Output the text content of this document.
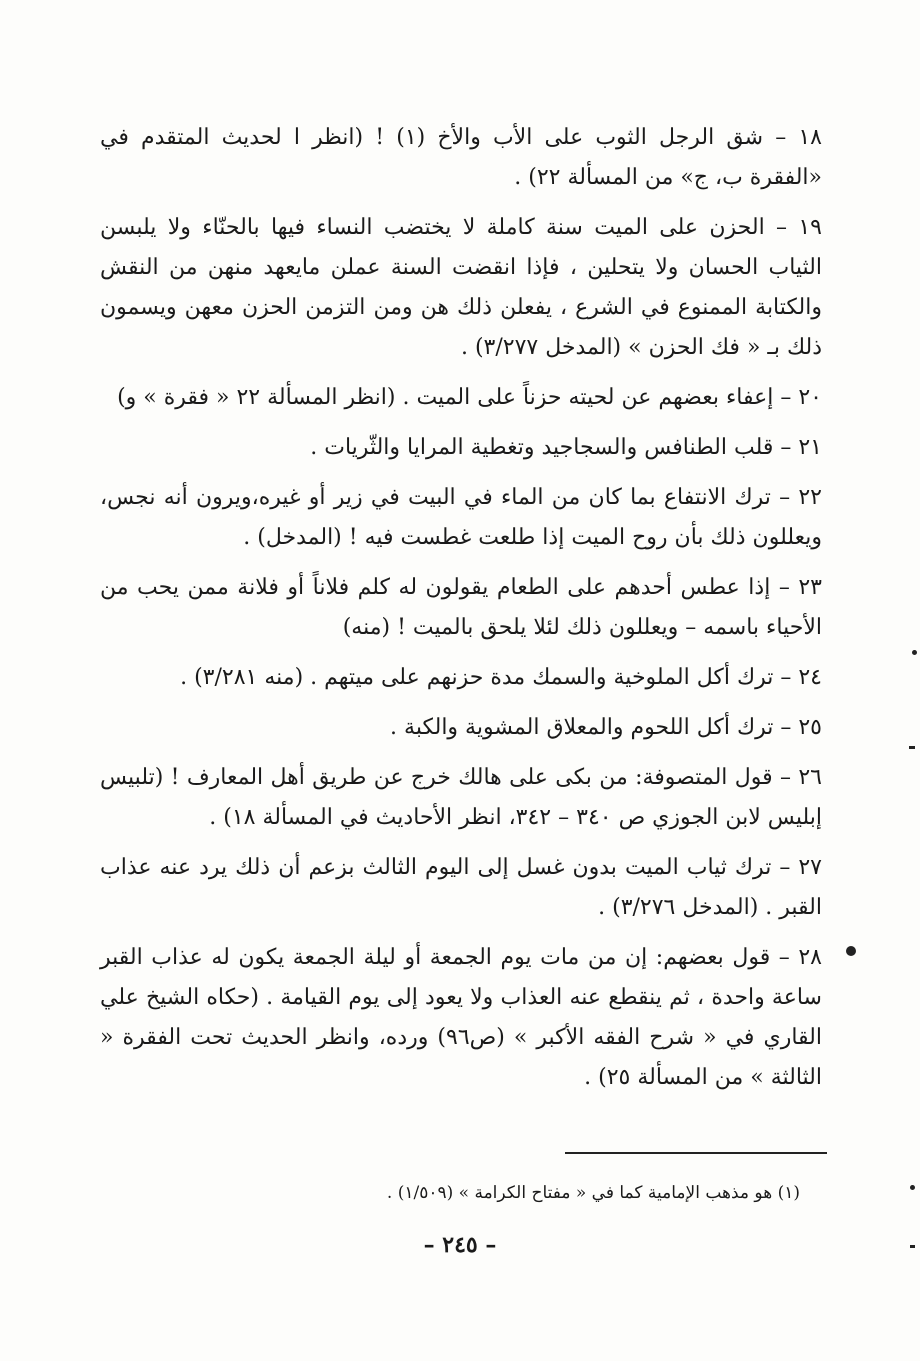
١٨ – شق الرجل الثوب على الأب والأخ (١) ! (انظر ا لحديث المتقدم في «الفقرة ب، ج» من المسألة ٢٢) .

١٩ – الحزن على الميت سنة كاملة لا يختضب النساء فيها بالحنّاء ولا يلبسن الثياب الحسان ولا يتحلين ، فإذا انقضت السنة عملن مايعهد منهن من النقش والكتابة الممنوع في الشرع ، يفعلن ذلك هن ومن التزمن الحزن معهن ويسمون ذلك بـ « فك الحزن » (المدخل ٣/٢٧٧) .

٢٠ – إعفاء بعضهم عن لحيته حزناً على الميت . (انظر المسألة ٢٢ « فقرة » و)

٢١ – قلب الطنافس والسجاجيد وتغطية المرايا والثّريات .

٢٢ – ترك الانتفاع بما كان من الماء في البيت في زير أو غيره،ويرون أنه نجس، ويعللون ذلك بأن روح الميت إذا طلعت غطست فيه ! (المدخل) .

٢٣ – إذا عطس أحدهم على الطعام يقولون له كلم فلاناً أو فلانة ممن يحب من الأحياء باسمه – ويعللون ذلك لئلا يلحق بالميت ! (منه)

٢٤ – ترك أكل الملوخية والسمك مدة حزنهم على ميتهم . (منه ٣/٢٨١) .

٢٥ – ترك أكل اللحوم والمعلاق المشوية والكبة .

٢٦ – قول المتصوفة: من بكى على هالك خرج عن طريق أهل المعارف ! (تلبيس إبليس لابن الجوزي ص ٣٤٠ – ٣٤٢، انظر الأحاديث في المسألة ١٨) .

٢٧ – ترك ثياب الميت بدون غسل إلى اليوم الثالث بزعم أن ذلك يرد عنه عذاب القبر . (المدخل ٣/٢٧٦) .

٢٨ – قول بعضهم: إن من مات يوم الجمعة أو ليلة الجمعة يكون له عذاب القبر ساعة واحدة ، ثم ينقطع عنه العذاب ولا يعود إلى يوم القيامة . (حكاه الشيخ علي القاري في « شرح الفقه الأكبر » (ص٩٦) ورده، وانظر الحديث تحت الفقرة « الثالثة » من المسألة ٢٥) .

(١) هو مذهب الإمامية كما في « مفتاح الكرامة » (١/٥٠٩) .
– ٢٤٥ –
